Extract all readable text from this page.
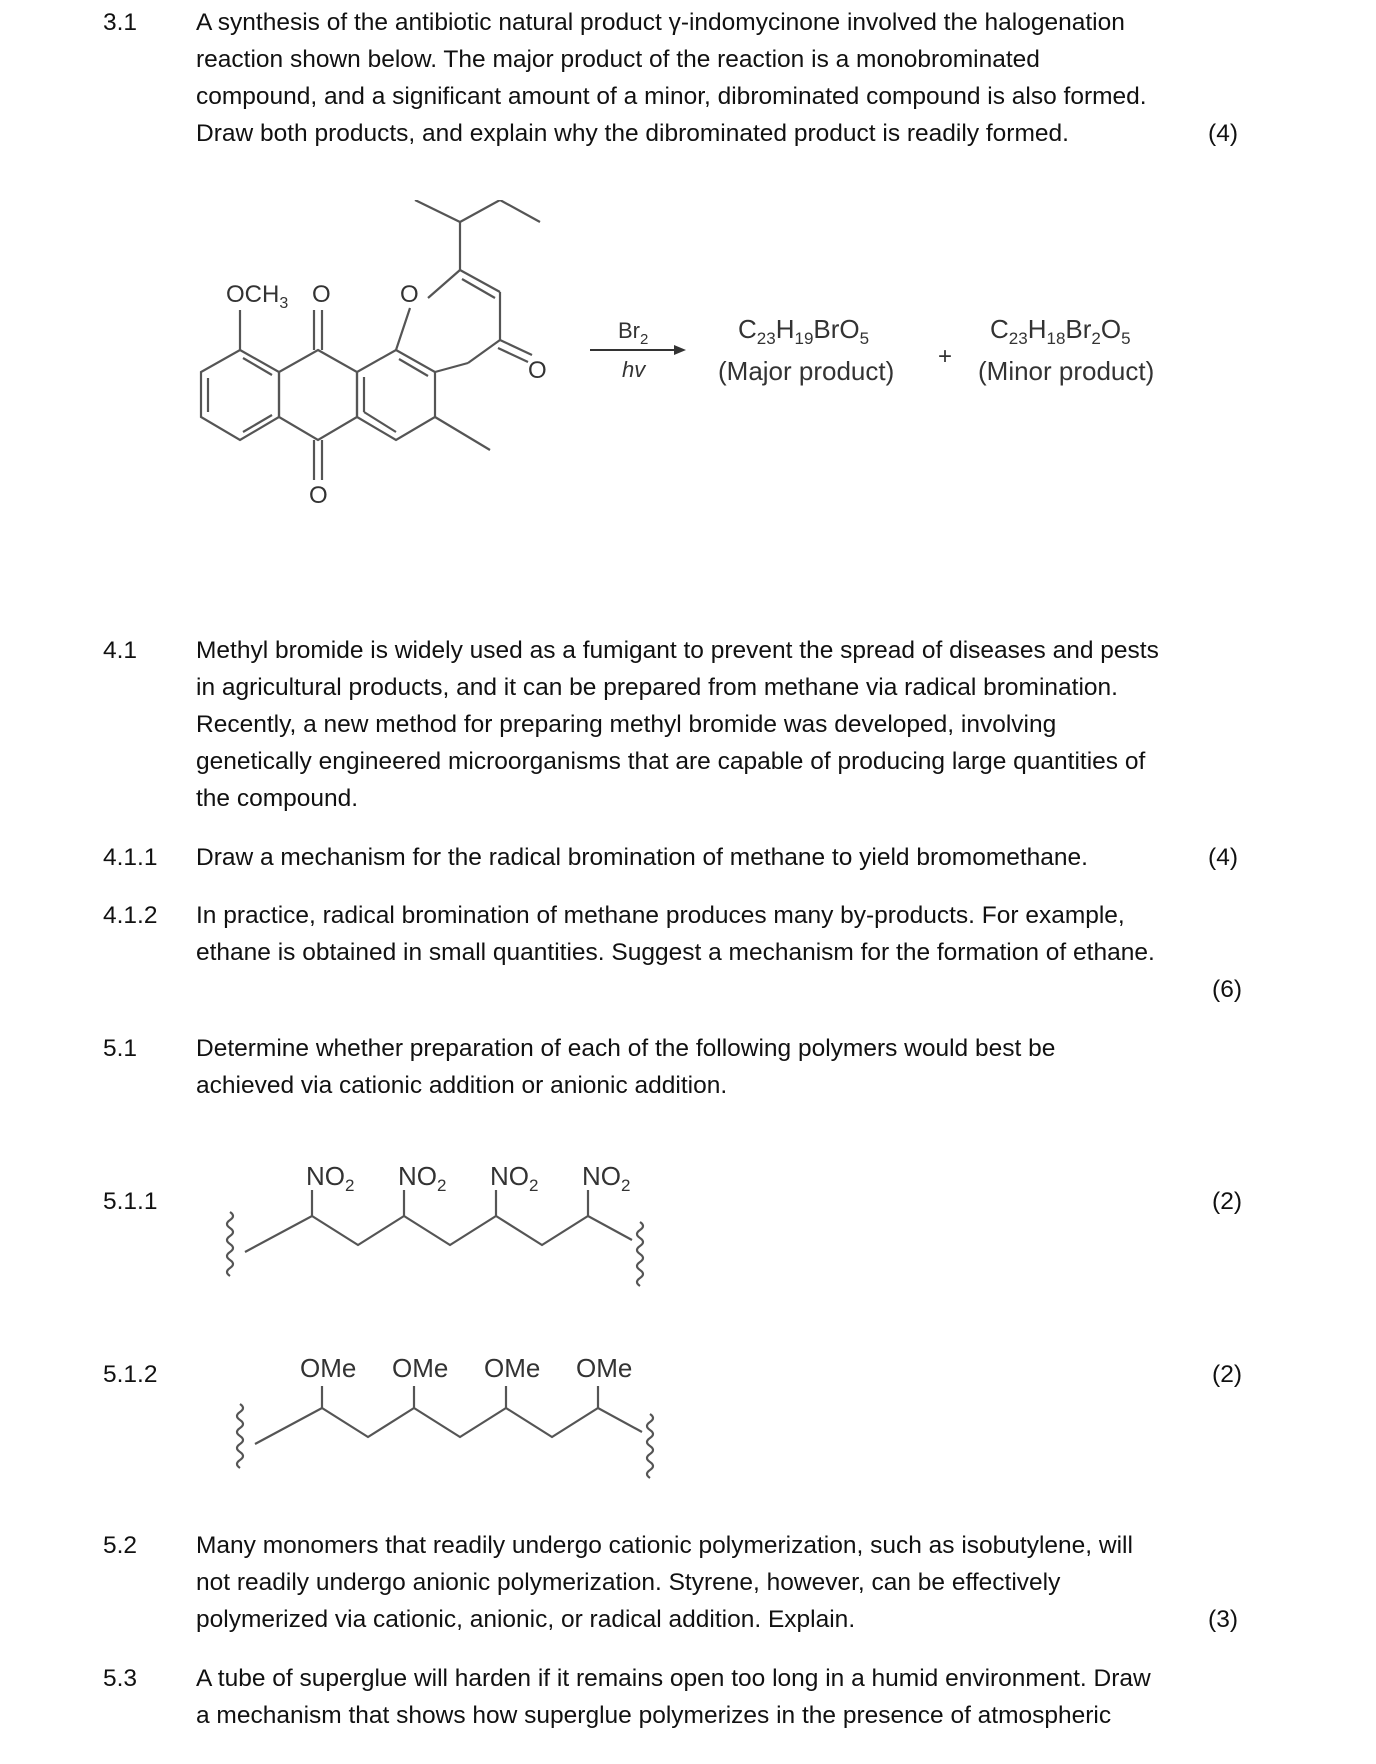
3.1 A synthesis of the antibiotic natural product γ-indomycinone involved the halogenation
reaction shown below. The major product of the reaction is a monobrominated
compound, and a significant amount of a minor, dibrominated compound is also formed.
Draw both products, and explain why the dibrominated product is readily formed.	(4)
$OCH_3$ O	O
O
O
$Br_2$
hv
$C_{23}H_{19}BrO_5$
(Major product) +
$C_{23}H_{18}Br_2O_5$
(Minor product)
4.1 Methyl bromide is widely used as a fumigant to prevent the spread of diseases and pests
in agricultural products, and it can be prepared from methane via radical bromination.
Recently, a new method for preparing methyl bromide was developed, involving
genetically engineered microorganisms that are capable of producing large quantities of
the compound.
4.1.1 Draw a mechanism for the radical bromination of methane to yield bromomethane.	(4)
4.1.2 In practice, radical bromination of methane produces many by-products. For example,
ethane is obtained in small quantities. Suggest a mechanism for the formation of ethane.
(6)
5.1 Determine whether preparation of each of the following polymers would best be
achieved via cationic addition or anionic addition.
5.1.1	(2)
$NO_2$ $NO_2$ $NO_2$ $NO_2$
5.1.2	(2)
OMe OMe OMe OMe
5.2 Many monomers that readily undergo cationic polymerization, such as isobutylene, will
not readily undergo anionic polymerization. Styrene, however, can be effectively
polymerized via cationic, anionic, or radical addition. Explain.	(3)
5.3 A tube of superglue will harden if it remains open too long in a humid environment. Draw
a mechanism that shows how superglue polymerizes in the presence of atmospheric
